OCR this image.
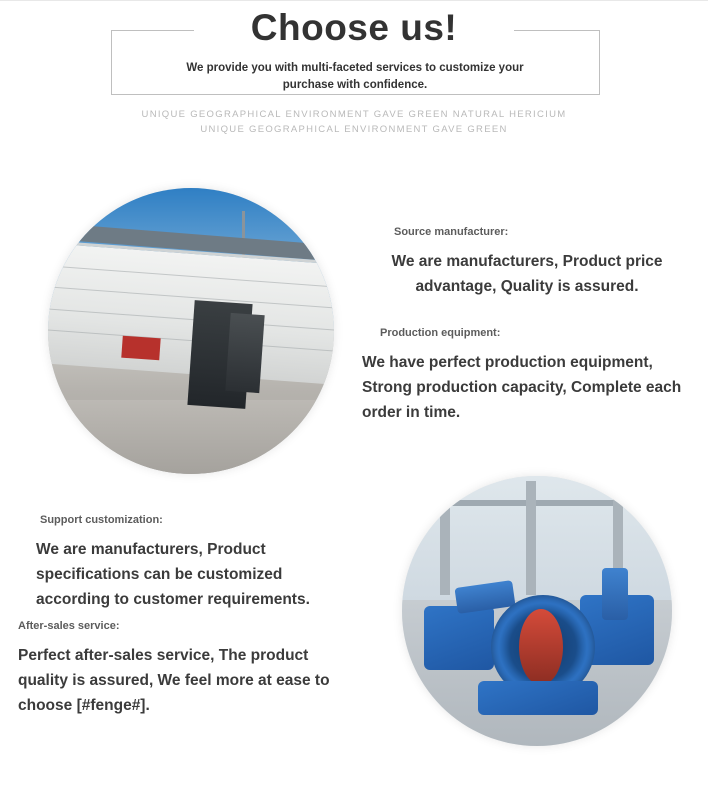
Choose us!
We provide you with multi-faceted services to customize your purchase with confidence.
UNIQUE GEOGRAPHICAL ENVIRONMENT GAVE GREEN NATURAL HERICIUM
UNIQUE GEOGRAPHICAL ENVIRONMENT GAVE GREEN
Source manufacturer:
We are manufacturers, Product price advantage, Quality is assured.
Production equipment:
We have perfect production equipment, Strong production capacity, Complete each order in time.
Support customization:
We are manufacturers, Product specifications can be customized according to customer requirements.
After-sales service:
Perfect after-sales service, The product quality is assured, We feel more at ease to choose [#fenge#].
